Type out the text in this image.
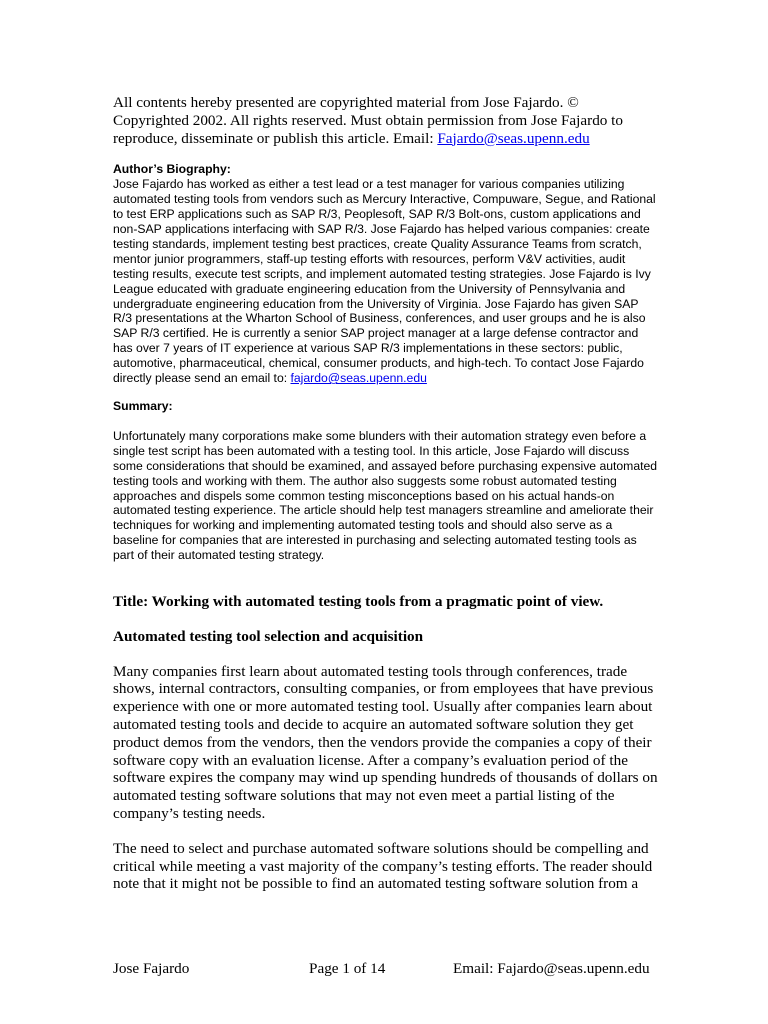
All contents hereby presented are copyrighted material from Jose Fajardo. © Copyrighted 2002. All rights reserved. Must obtain permission from Jose Fajardo to reproduce, disseminate or publish this article. Email: Fajardo@seas.upenn.edu

Author’s Biography:

Jose Fajardo has worked as either a test lead or a test manager for various companies utilizing automated testing tools from vendors such as Mercury Interactive, Compuware, Segue, and Rational to test ERP applications such as SAP R/3, Peoplesoft, SAP R/3 Bolt-ons, custom applications and non-SAP applications interfacing with SAP R/3. Jose Fajardo has helped various companies: create testing standards, implement testing best practices, create Quality Assurance Teams from scratch, mentor junior programmers, staff-up testing efforts with resources, perform V&V activities, audit testing results, execute test scripts, and implement automated testing strategies. Jose Fajardo is Ivy League educated with graduate engineering education from the University of Pennsylvania and undergraduate engineering education from the University of Virginia. Jose Fajardo has given SAP R/3 presentations at the Wharton School of Business, conferences, and user groups and he is also SAP R/3 certified. He is currently a senior SAP project manager at a large defense contractor and has over 7 years of IT experience at various SAP R/3 implementations in these sectors: public, automotive, pharmaceutical, chemical, consumer products, and high-tech. To contact Jose Fajardo directly please send an email to: fajardo@seas.upenn.edu

Summary:

Unfortunately many corporations make some blunders with their automation strategy even before a single test script has been automated with a testing tool. In this article, Jose Fajardo will discuss some considerations that should be examined, and assayed before purchasing expensive automated testing tools and working with them. The author also suggests some robust automated testing approaches and dispels some common testing misconceptions based on his actual hands-on automated testing experience. The article should help test managers streamline and ameliorate their techniques for working and implementing automated testing tools and should also serve as a baseline for companies that are interested in purchasing and selecting automated testing tools as part of their automated testing strategy.

Title: Working with automated testing tools from a pragmatic point of view.

Automated testing tool selection and acquisition

Many companies first learn about automated testing tools through conferences, trade shows, internal contractors, consulting companies, or from employees that have previous experience with one or more automated testing tool. Usually after companies learn about automated testing tools and decide to acquire an automated software solution they get product demos from the vendors, then the vendors provide the companies a copy of their software copy with an evaluation license. After a company’s evaluation period of the software expires the company may wind up spending hundreds of thousands of dollars on automated testing software solutions that may not even meet a partial listing of the company’s testing needs.

The need to select and purchase automated software solutions should be compelling and critical while meeting a vast majority of the company’s testing efforts. The reader should note that it might not be possible to find an automated testing software solution from a

Jose Fajardo	Page 1 of 14	Email: Fajardo@seas.upenn.edu
